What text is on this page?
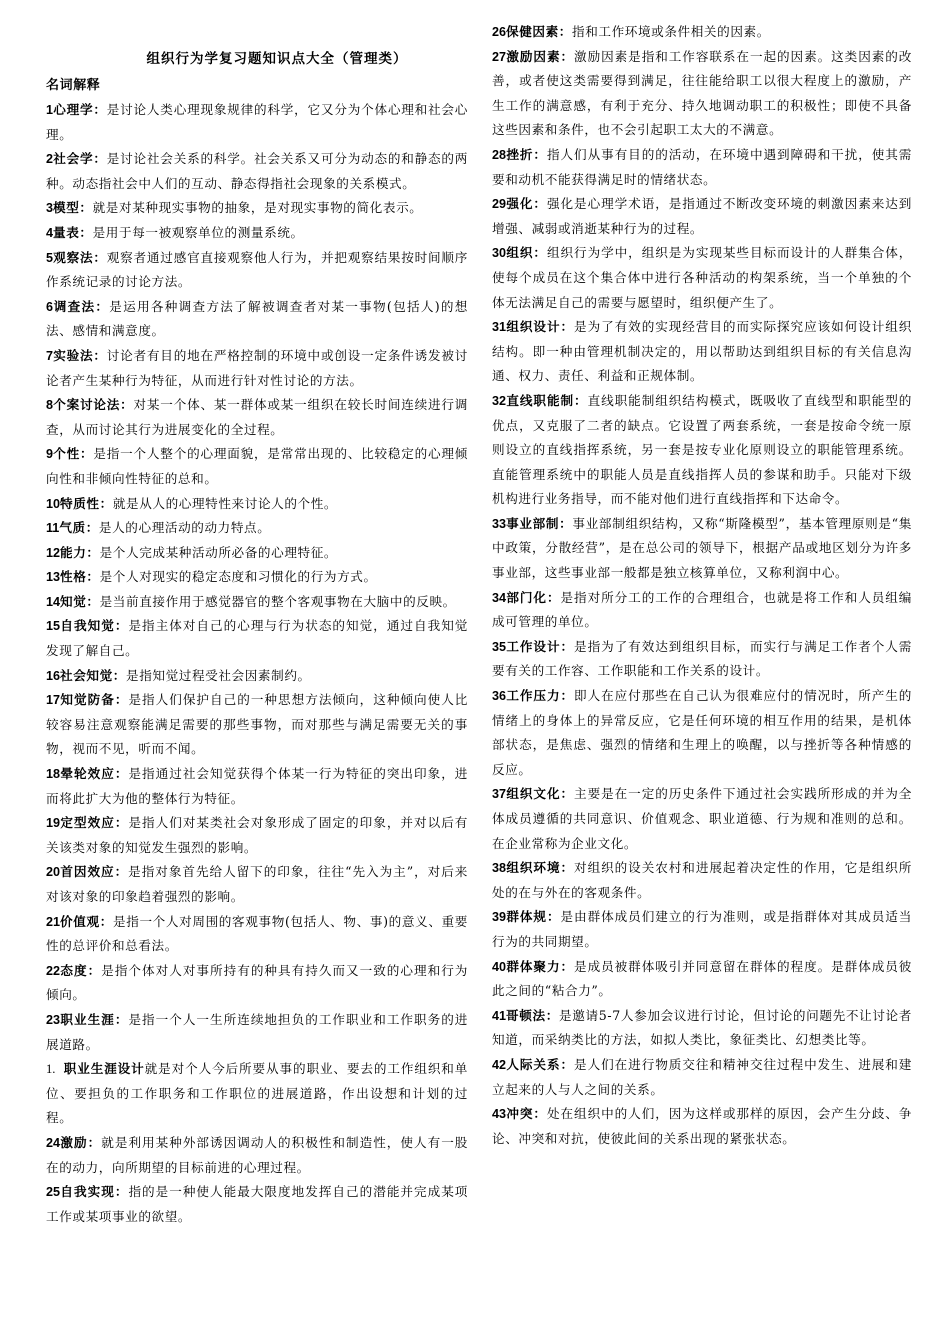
组织行为学复习题知识点大全（管理类）
名词解释

1心理学：是讨论人类心理现象规律的科学，它又分为个体心理和社会心理。

2社会学：是讨论社会关系的科学。社会关系又可分为动态的和静态的两种。动态指社会中人们的互动、静态得指社会现象的关系模式。

3模型：就是对某种现实事物的抽象，是对现实事物的简化表示。

4量表：是用于每一被观察单位的测量系统。

5观察法：观察者通过感官直接观察他人行为，并把观察结果按时间顺序作系统记录的讨论方法。

6调查法：是运用各种调查方法了解被调查者对某一事物(包括人)的想法、感情和满意度。

7实验法：讨论者有目的地在严格控制的环境中或创设一定条件诱发被讨论者产生某种行为特征，从而进行针对性讨论的方法。

8个案讨论法：对某一个体、某一群体或某一组织在较长时间连续进行调查，从而讨论其行为进展变化的全过程。

9个性：是指一个人整个的心理面貌，是常常出现的、比较稳定的心理倾向性和非倾向性特征的总和。

10特质性：就是从人的心理特性来讨论人的个性。

11气质：是人的心理活动的动力特点。

12能力：是个人完成某种活动所必备的心理特征。

13性格：是个人对现实的稳定态度和习惯化的行为方式。

14知觉：是当前直接作用于感觉器官的整个客观事物在大脑中的反映。

15自我知觉：是指主体对自己的心理与行为状态的知觉，通过自我知觉发现了解自己。

16社会知觉：是指知觉过程受社会因素制约。

17知觉防备：是指人们保护自己的一种思想方法倾向，这种倾向使人比较容易注意观察能满足需要的那些事物，而对那些与满足需要无关的事物，视而不见，听而不闻。

18晕轮效应：是指通过社会知觉获得个体某一行为特征的突出印象，进而将此扩大为他的整体行为特征。

19定型效应：是指人们对某类社会对象形成了固定的印象，并对以后有关该类对象的知觉发生强烈的影响。

20首因效应：是指对象首先给人留下的印象，往往“先入为主”，对后来对该对象的印象趋着强烈的影响。

21价值观：是指一个人对周围的客观事物(包括人、物、事)的意义、重要性的总评价和总看法。

22态度：是指个体对人对事所持有的种具有持久而又一致的心理和行为倾向。

23职业生涯：是指一个人一生所连续地担负的工作职业和工作职务的进展道路。

1. 职业生涯设计就是对个人今后所要从事的职业、要去的工作组织和单位、要担负的工作职务和工作职位的进展道路，作出设想和计划的过程。

24激励：就是利用某种外部诱因调动人的积极性和制造性，使人有一股在的动力，向所期望的目标前进的心理过程。

25自我实现：指的是一种使人能最大限度地发挥自己的潜能并完成某项工作或某项事业的欲望。

26保健因素：指和工作环境或条件相关的因素。

27激励因素：激励因素是指和工作容联系在一起的因素。这类因素的改善，或者使这类需要得到满足，往往能给职工以很大程度上的激励，产生工作的满意感，有利于充分、持久地调动职工的积极性；即使不具备这些因素和条件，也不会引起职工太大的不满意。

28挫折：指人们从事有目的的活动，在环境中遇到障碍和干扰，使其需要和动机不能获得满足时的情绪状态。

29强化：强化是心理学术语，是指通过不断改变环境的刺激因素来达到增强、减弱或消逝某种行为的过程。

30组织：组织行为学中，组织是为实现某些目标而设计的人群集合体，使每个成员在这个集合体中进行各种活动的构架系统，当一个单独的个体无法满足自己的需要与愿望时，组织便产生了。

31组织设计：是为了有效的实现经营目的而实际探究应该如何设计组织结构。即一种由管理机制决定的，用以帮助达到组织目标的有关信息沟通、权力、责任、利益和正规体制。

32直线职能制：直线职能制组织结构模式，既吸收了直线型和职能型的优点，又克服了二者的缺点。它设置了两套系统，一套是按命令统一原则设立的直线指挥系统，另一套是按专业化原则设立的职能管理系统。直能管理系统中的职能人员是直线指挥人员的参谋和助手。只能对下级机构进行业务指导，而不能对他们进行直线指挥和下达命令。

33事业部制：事业部制组织结构，又称“斯隆模型”，基本管理原则是“集中政策，分散经营”，是在总公司的领导下，根据产品或地区划分为许多事业部，这些事业部一般都是独立核算单位，又称利润中心。

34部门化：是指对所分工的工作的合理组合，也就是将工作和人员组编成可管理的单位。

35工作设计：是指为了有效达到组织目标，而实行与满足工作者个人需要有关的工作容、工作职能和工作关系的设计。

36工作压力：即人在应付那些在自己认为很难应付的情况时，所产生的情绪上的身体上的异常反应，它是任何环境的相互作用的结果，是机体部状态，是焦虑、强烈的情绪和生理上的唤醒，以与挫折等各种情感的反应。

37组织文化：主要是在一定的历史条件下通过社会实践所形成的并为全体成员遵循的共同意识、价值观念、职业道德、行为规和准则的总和。在企业常称为企业文化。

38组织环境：对组织的设关农村和进展起着决定性的作用，它是组织所处的在与外在的客观条件。

39群体规：是由群体成员们建立的行为准则，或是指群体对其成员适当行为的共同期望。

40群体聚力：是成员被群体吸引并同意留在群体的程度。是群体成员彼此之间的“粘合力”。

41哥顿法：是邀请5-7人参加会议进行讨论，但讨论的问题先不让讨论者知道，而采纳类比的方法，如拟人类比，象征类比、幻想类比等。

42人际关系：是人们在进行物质交往和精神交往过程中发生、进展和建立起来的人与人之间的关系。

43冲突：处在组织中的人们，因为这样或那样的原因，会产生分歧、争论、冲突和对抗，使彼此间的关系出现的紧张状态。
